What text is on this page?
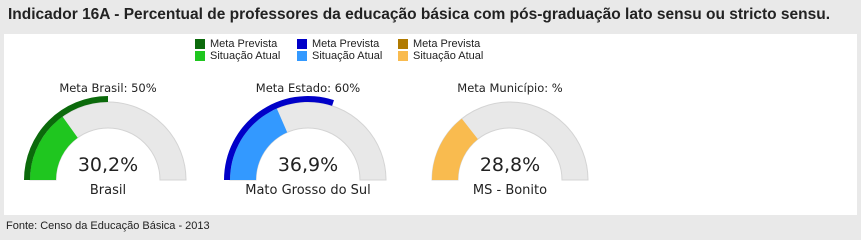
Indicador 16A - Percentual de professores da educação básica com pós-graduação lato sensu ou stricto sensu.
Meta Prevista
Situação Atual
Meta Prevista
Situação Atual
Meta Prevista
Situação Atual
Meta Brasil: 50%
30,2%
Brasil
Meta Estado: 60%
36,9%
Mato Grosso do Sul
Meta Município: %
28,8%
MS - Bonito
Fonte: Censo da Educação Básica - 2013
